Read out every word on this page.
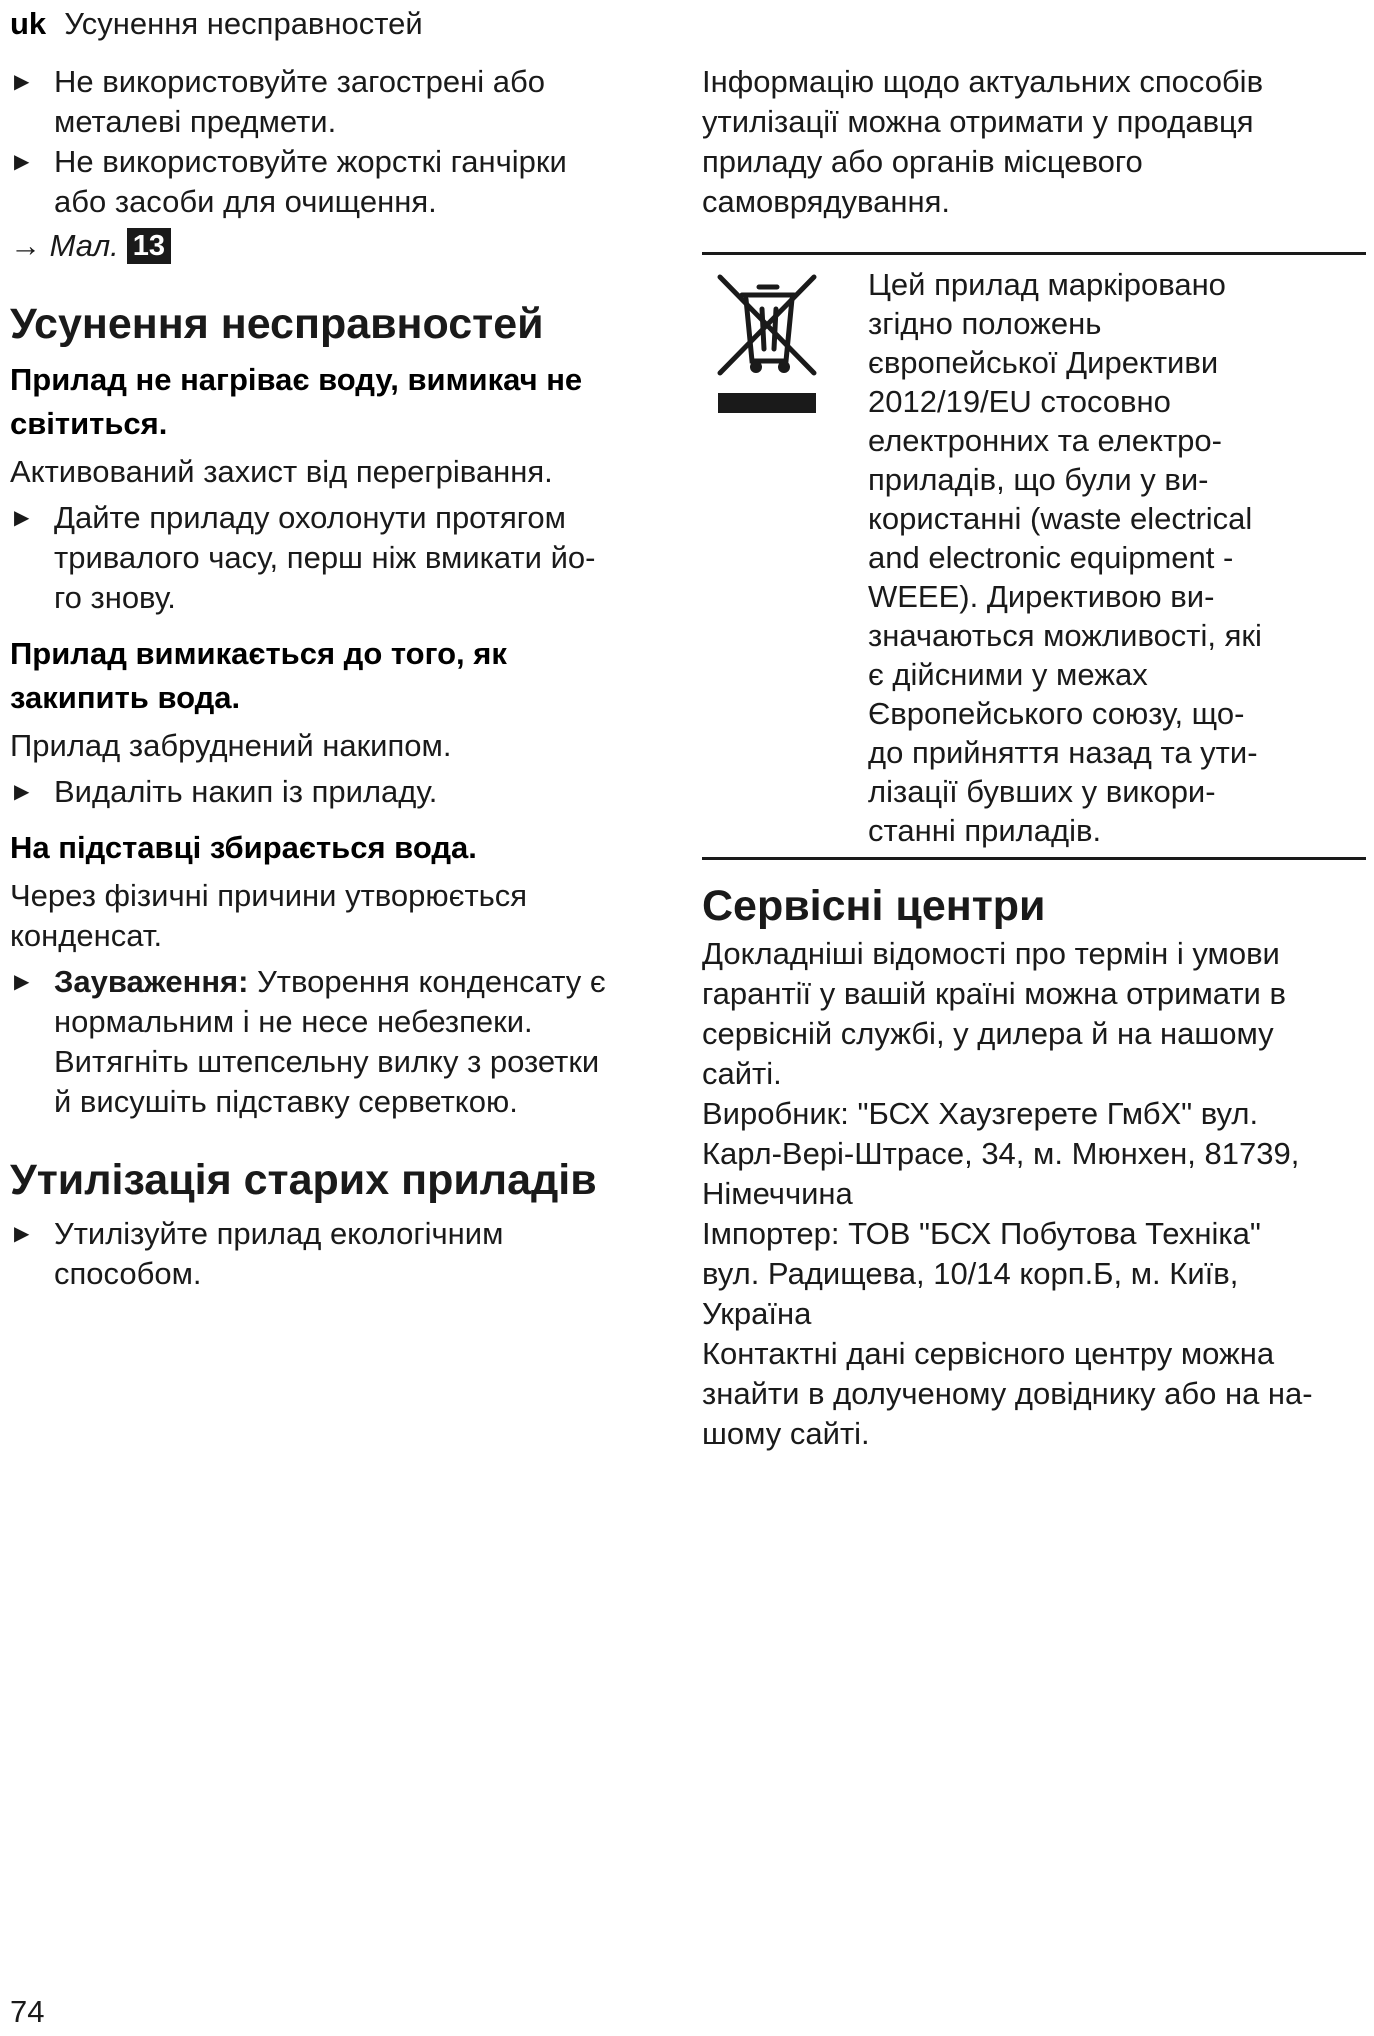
uk Усунення несправностей
▶ Не використовуйте загострені або
металеві предмети.
▶ Не використовуйте жорсткі ганчірки
або засоби для очищення.
→ Мал. 13
Усунення несправностей
Прилад не нагріває воду, вимикач не
світиться.

Активований захист від перегрівання.

▶ Дайте приладу охолонути протягом
тривалого часу, перш ніж вмикати йо-
го знову.
Прилад вимикається до того, як
закипить вода.

Прилад забруднений накипом.

▶ Видаліть накип із приладу.
На підставці збирається вода.
Через фізичні причини утворюється
конденсат.
▶ Зауваження: Утворення конденсату є
нормальним і не несе небезпеки.
Витягніть штепсельну вилку з розетки
й висушіть підставку серветкою.
Утилізація старих приладів
▶ Утилізуйте прилад екологічним
способом.
Інформацію щодо актуальних способів
утилізації можна отримати у продавця
приладу або органів місцевого
самоврядування.
Цей прилад маркіровано
згідно положень
європейської Директиви
2012/19/EU стосовно
електронних та електро-
приладів, що були у ви-
користанні (waste electrical
and electronic equipment -
WEEE). Директивою ви-
значаються можливості, які
є дійсними у межах
Європейського союзу, що-
до прийняття назад та ути-
лізації бувших у викори-
станні приладів.
Сервісні центри
Докладніші відомості про термін і умови
гарантії у вашій країні можна отримати в
сервісній службі, у дилера й на нашому
сайті.
Виробник: "БСХ Хаузгерете ГмбХ" вул.
Карл-Вері-Штрасе, 34, м. Мюнхен, 81739,
Німеччина
Імпортер: ТОВ "БСХ Побутова Техніка"
вул. Радищева, 10/14 корп.Б, м. Київ,
Україна
Контактні дані сервісного центру можна
знайти в долученому довіднику або на на-
шому сайті.
74
